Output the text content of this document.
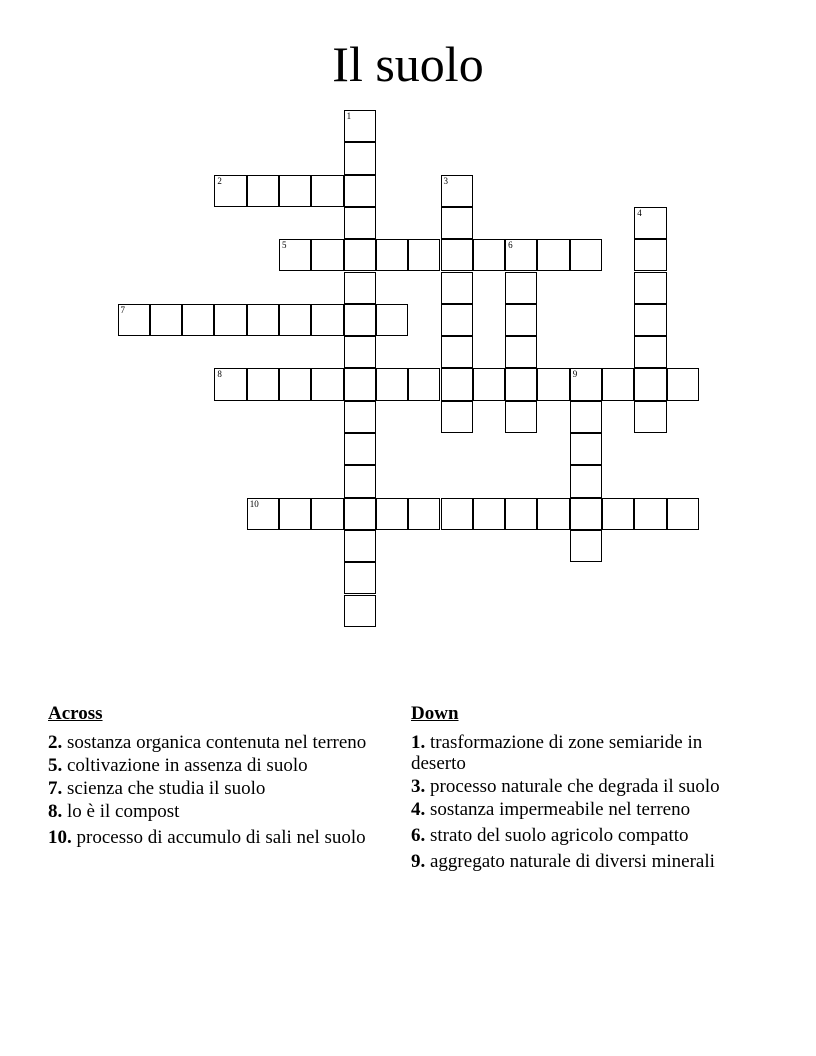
Il suolo
1
2	3
4
5	6
7
8	9
10
Across
2. sostanza organica contenuta nel terreno
5. coltivazione in assenza di suolo
7. scienza che studia il suolo
8. lo è il compost
10. processo di accumulo di sali nel suolo
Down
1. trasformazione di zone semiaride in deserto
3. processo naturale che degrada il suolo
4. sostanza impermeabile nel terreno
6. strato del suolo agricolo compatto
9. aggregato naturale di diversi minerali
